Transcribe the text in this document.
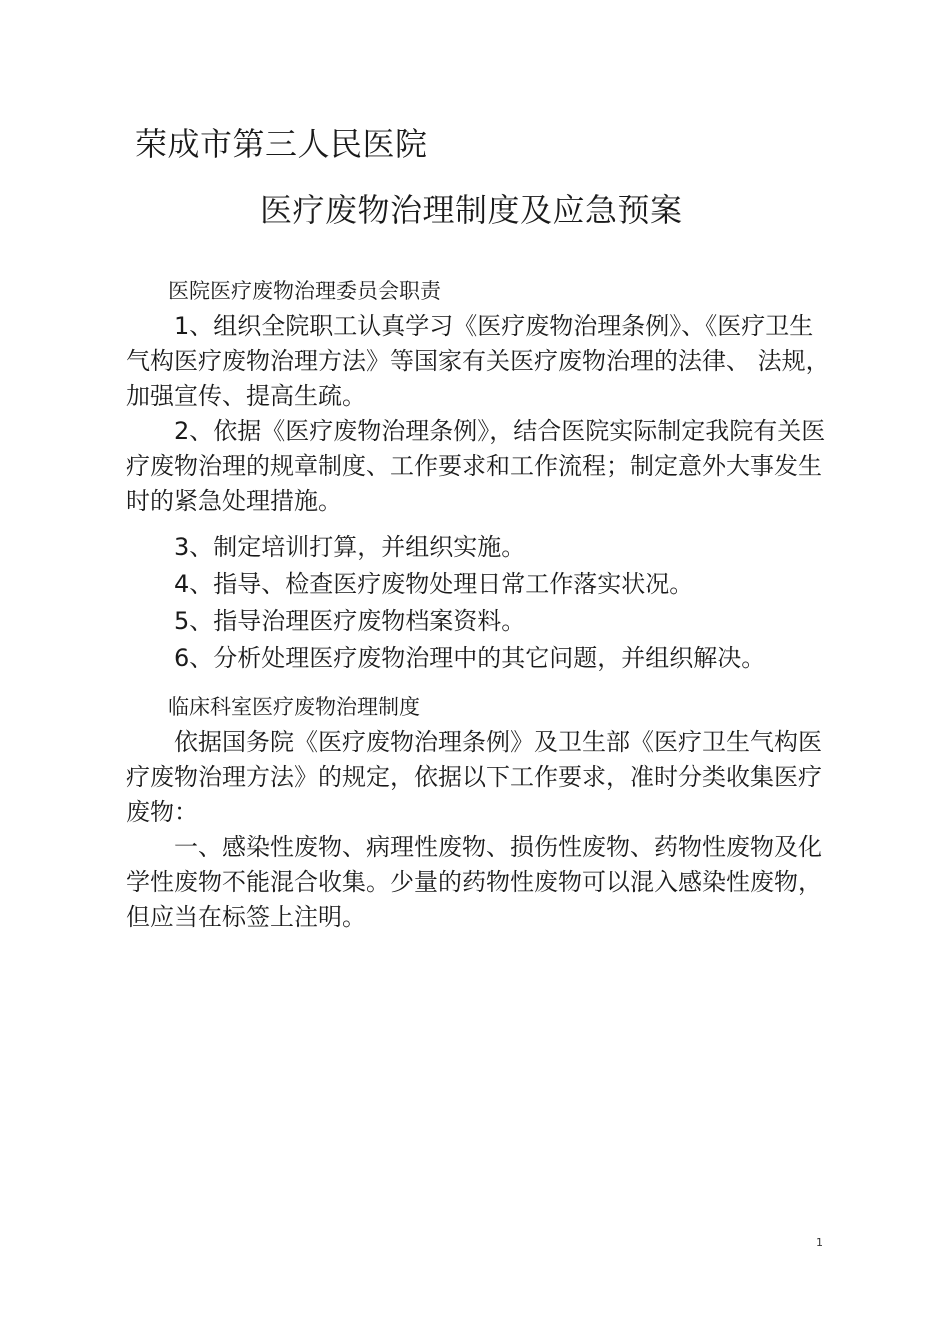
荣成市第三人民医院
医疗废物治理制度及应急预案

医院医疗废物治理委员会职责

1、组织全院职工认真学习《医疗废物治理条例》、《医疗卫生气构医疗废物治理方法》等国家有关医疗废物治理的法律、 法规，加强宣传、提高生疏。

2、依据《医疗废物治理条例》，结合医院实际制定我院有关医疗废物治理的规章制度、工作要求和工作流程；制定意外大事发生时的紧急处理措施。

3、制定培训打算，并组织实施。

4、指导、检查医疗废物处理日常工作落实状况。

5、指导治理医疗废物档案资料。

6、分析处理医疗废物治理中的其它问题，并组织解决。

临床科室医疗废物治理制度

依据国务院《医疗废物治理条例》及卫生部《医疗卫生气构医疗废物治理方法》的规定，依据以下工作要求，准时分类收集医疗废物：

一、感染性废物、病理性废物、损伤性废物、药物性废物及化学性废物不能混合收集。少量的药物性废物可以混入感染性废物，但应当在标签上注明。

1
